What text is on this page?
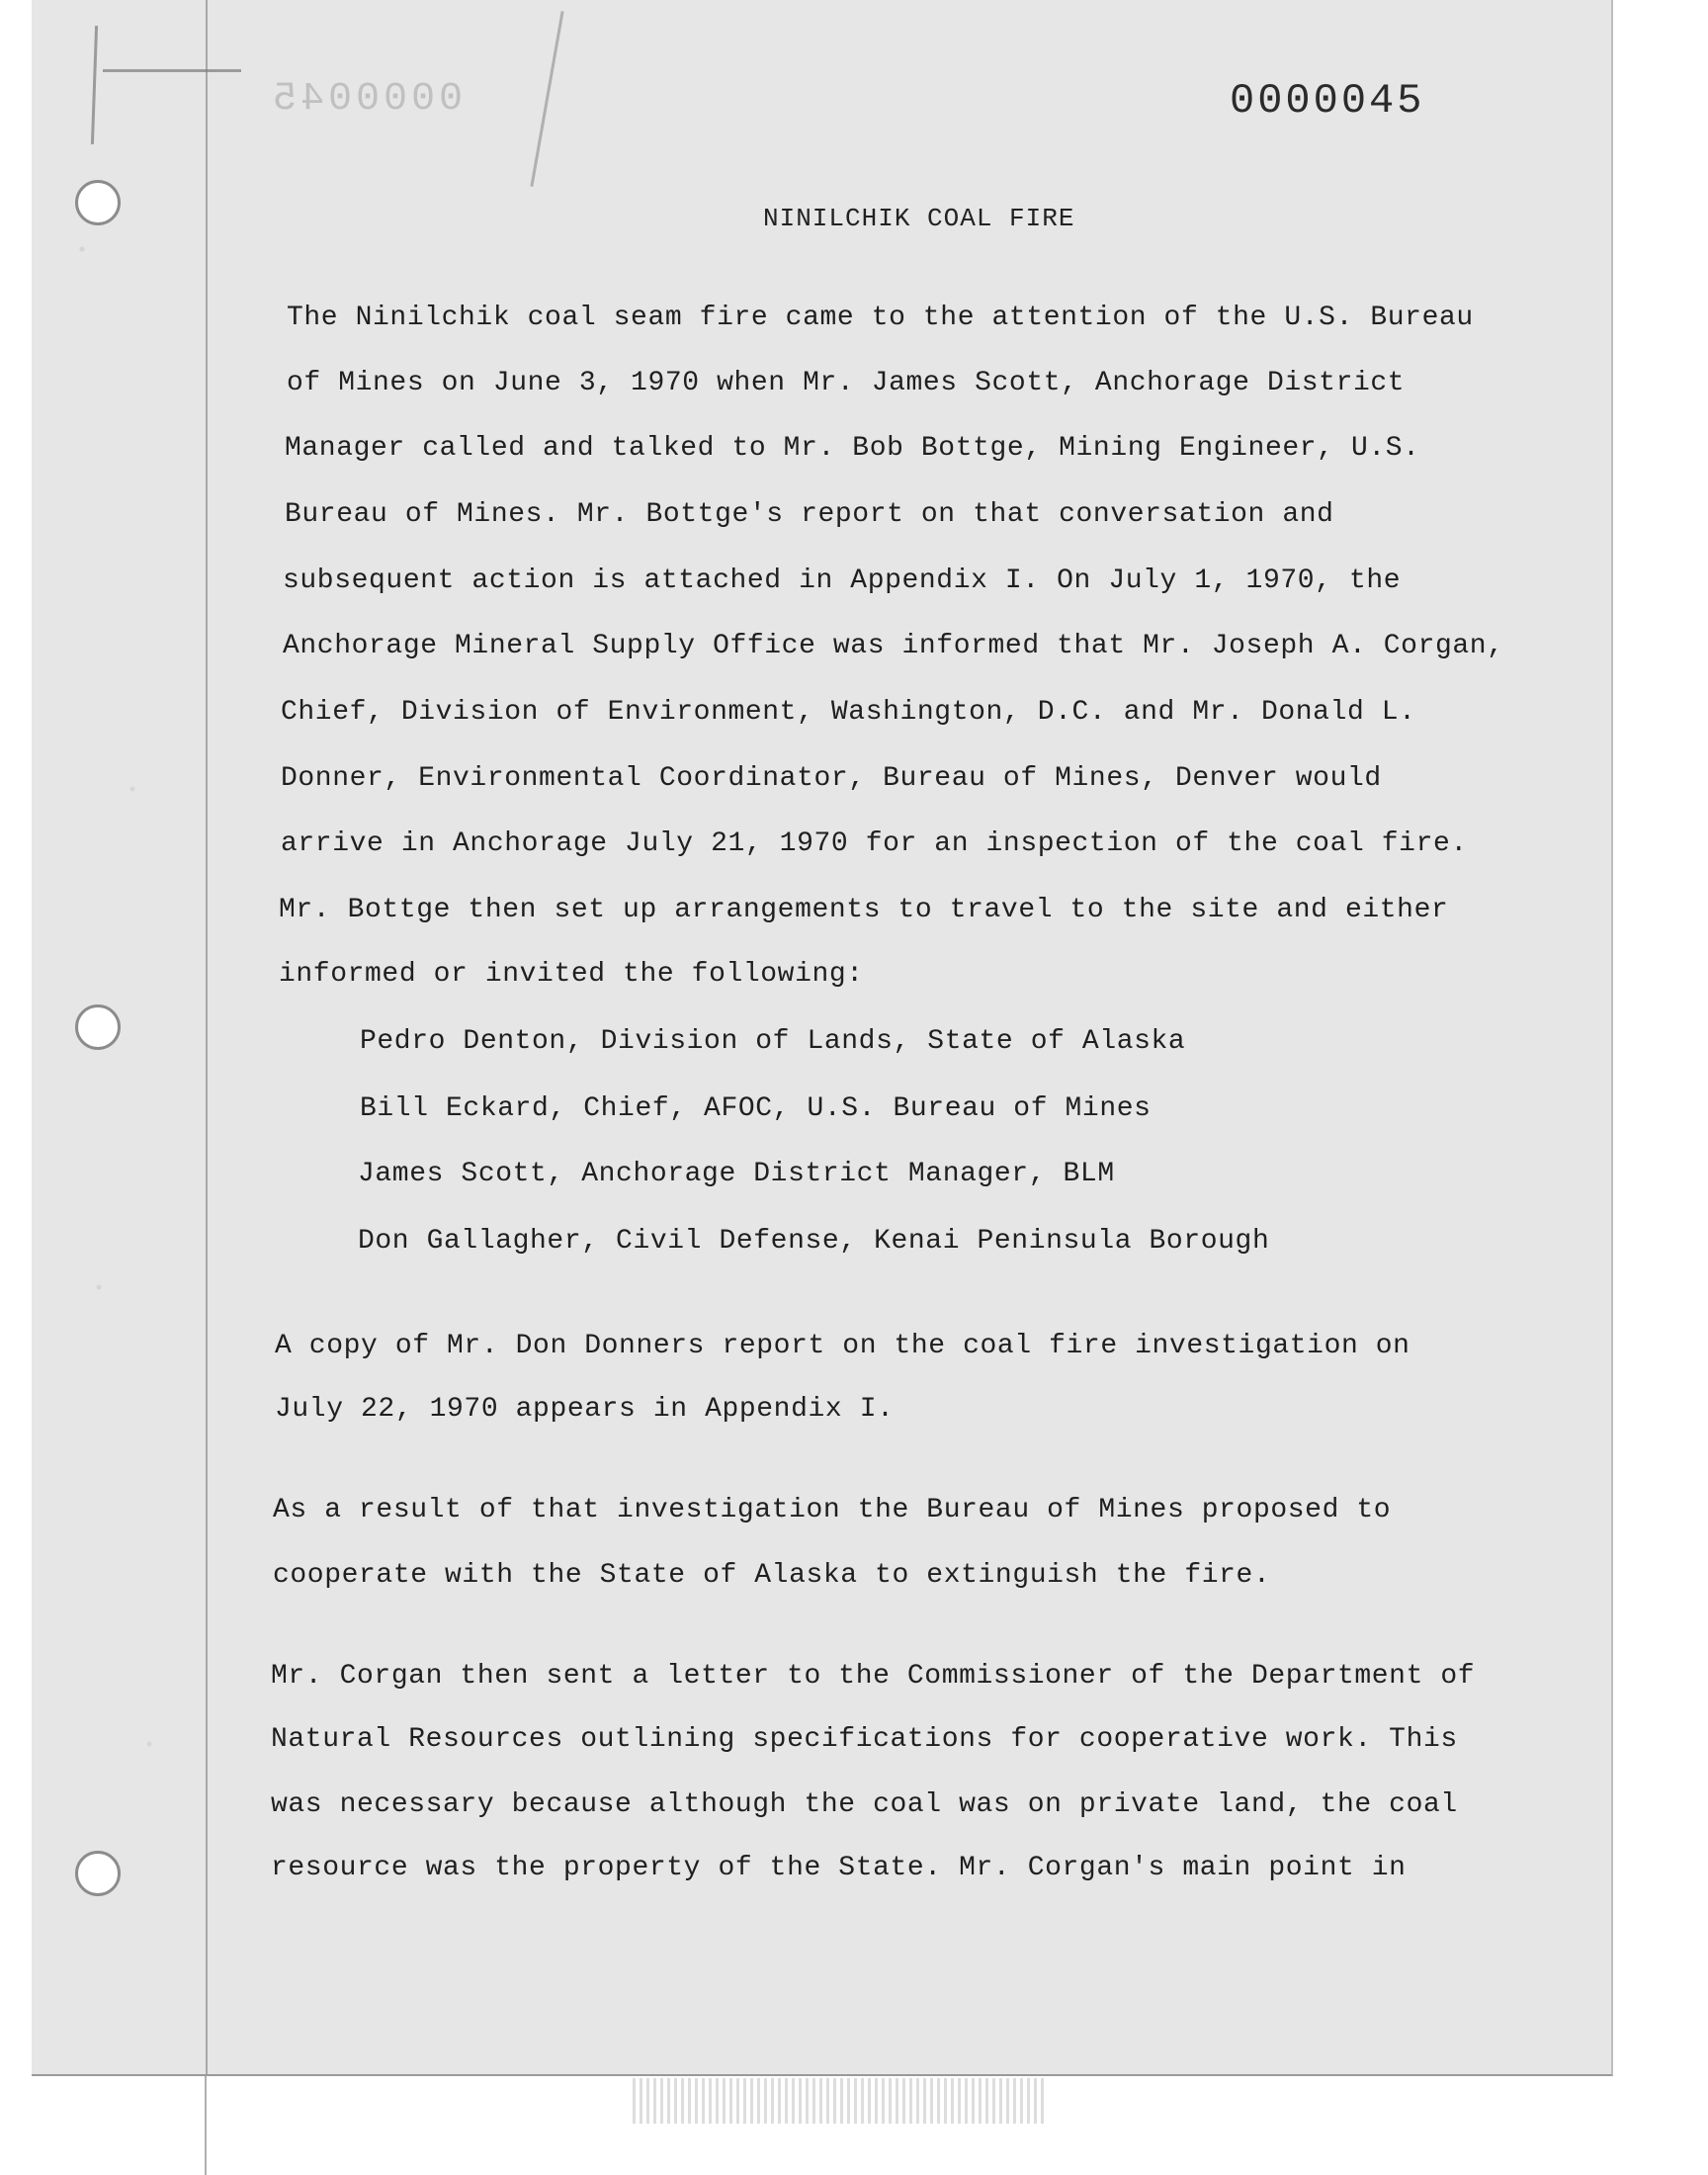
0000045	0000045
NINILCHIK COAL FIRE
The Ninilchik coal seam fire came to the attention of the U.S. Bureau
of Mines on June 3, 1970 when Mr. James Scott, Anchorage District
Manager called and talked to Mr. Bob Bottge, Mining Engineer, U.S.
Bureau of Mines. Mr. Bottge's report on that conversation and
subsequent action is attached in Appendix I. On July 1, 1970, the
Anchorage Mineral Supply Office was informed that Mr. Joseph A. Corgan,
Chief, Division of Environment, Washington, D.C. and Mr. Donald L.
Donner, Environmental Coordinator, Bureau of Mines, Denver would
arrive in Anchorage July 21, 1970 for an inspection of the coal fire.
Mr. Bottge then set up arrangements to travel to the site and either
informed or invited the following:
Pedro Denton, Division of Lands, State of Alaska
Bill Eckard, Chief, AFOC, U.S. Bureau of Mines
James Scott, Anchorage District Manager, BLM
Don Gallagher, Civil Defense, Kenai Peninsula Borough
A copy of Mr. Don Donners report on the coal fire investigation on
July 22, 1970 appears in Appendix I.
As a result of that investigation the Bureau of Mines proposed to
cooperate with the State of Alaska to extinguish the fire.
Mr. Corgan then sent a letter to the Commissioner of the Department of
Natural Resources outlining specifications for cooperative work. This
was necessary because although the coal was on private land, the coal
resource was the property of the State. Mr. Corgan's main point in
